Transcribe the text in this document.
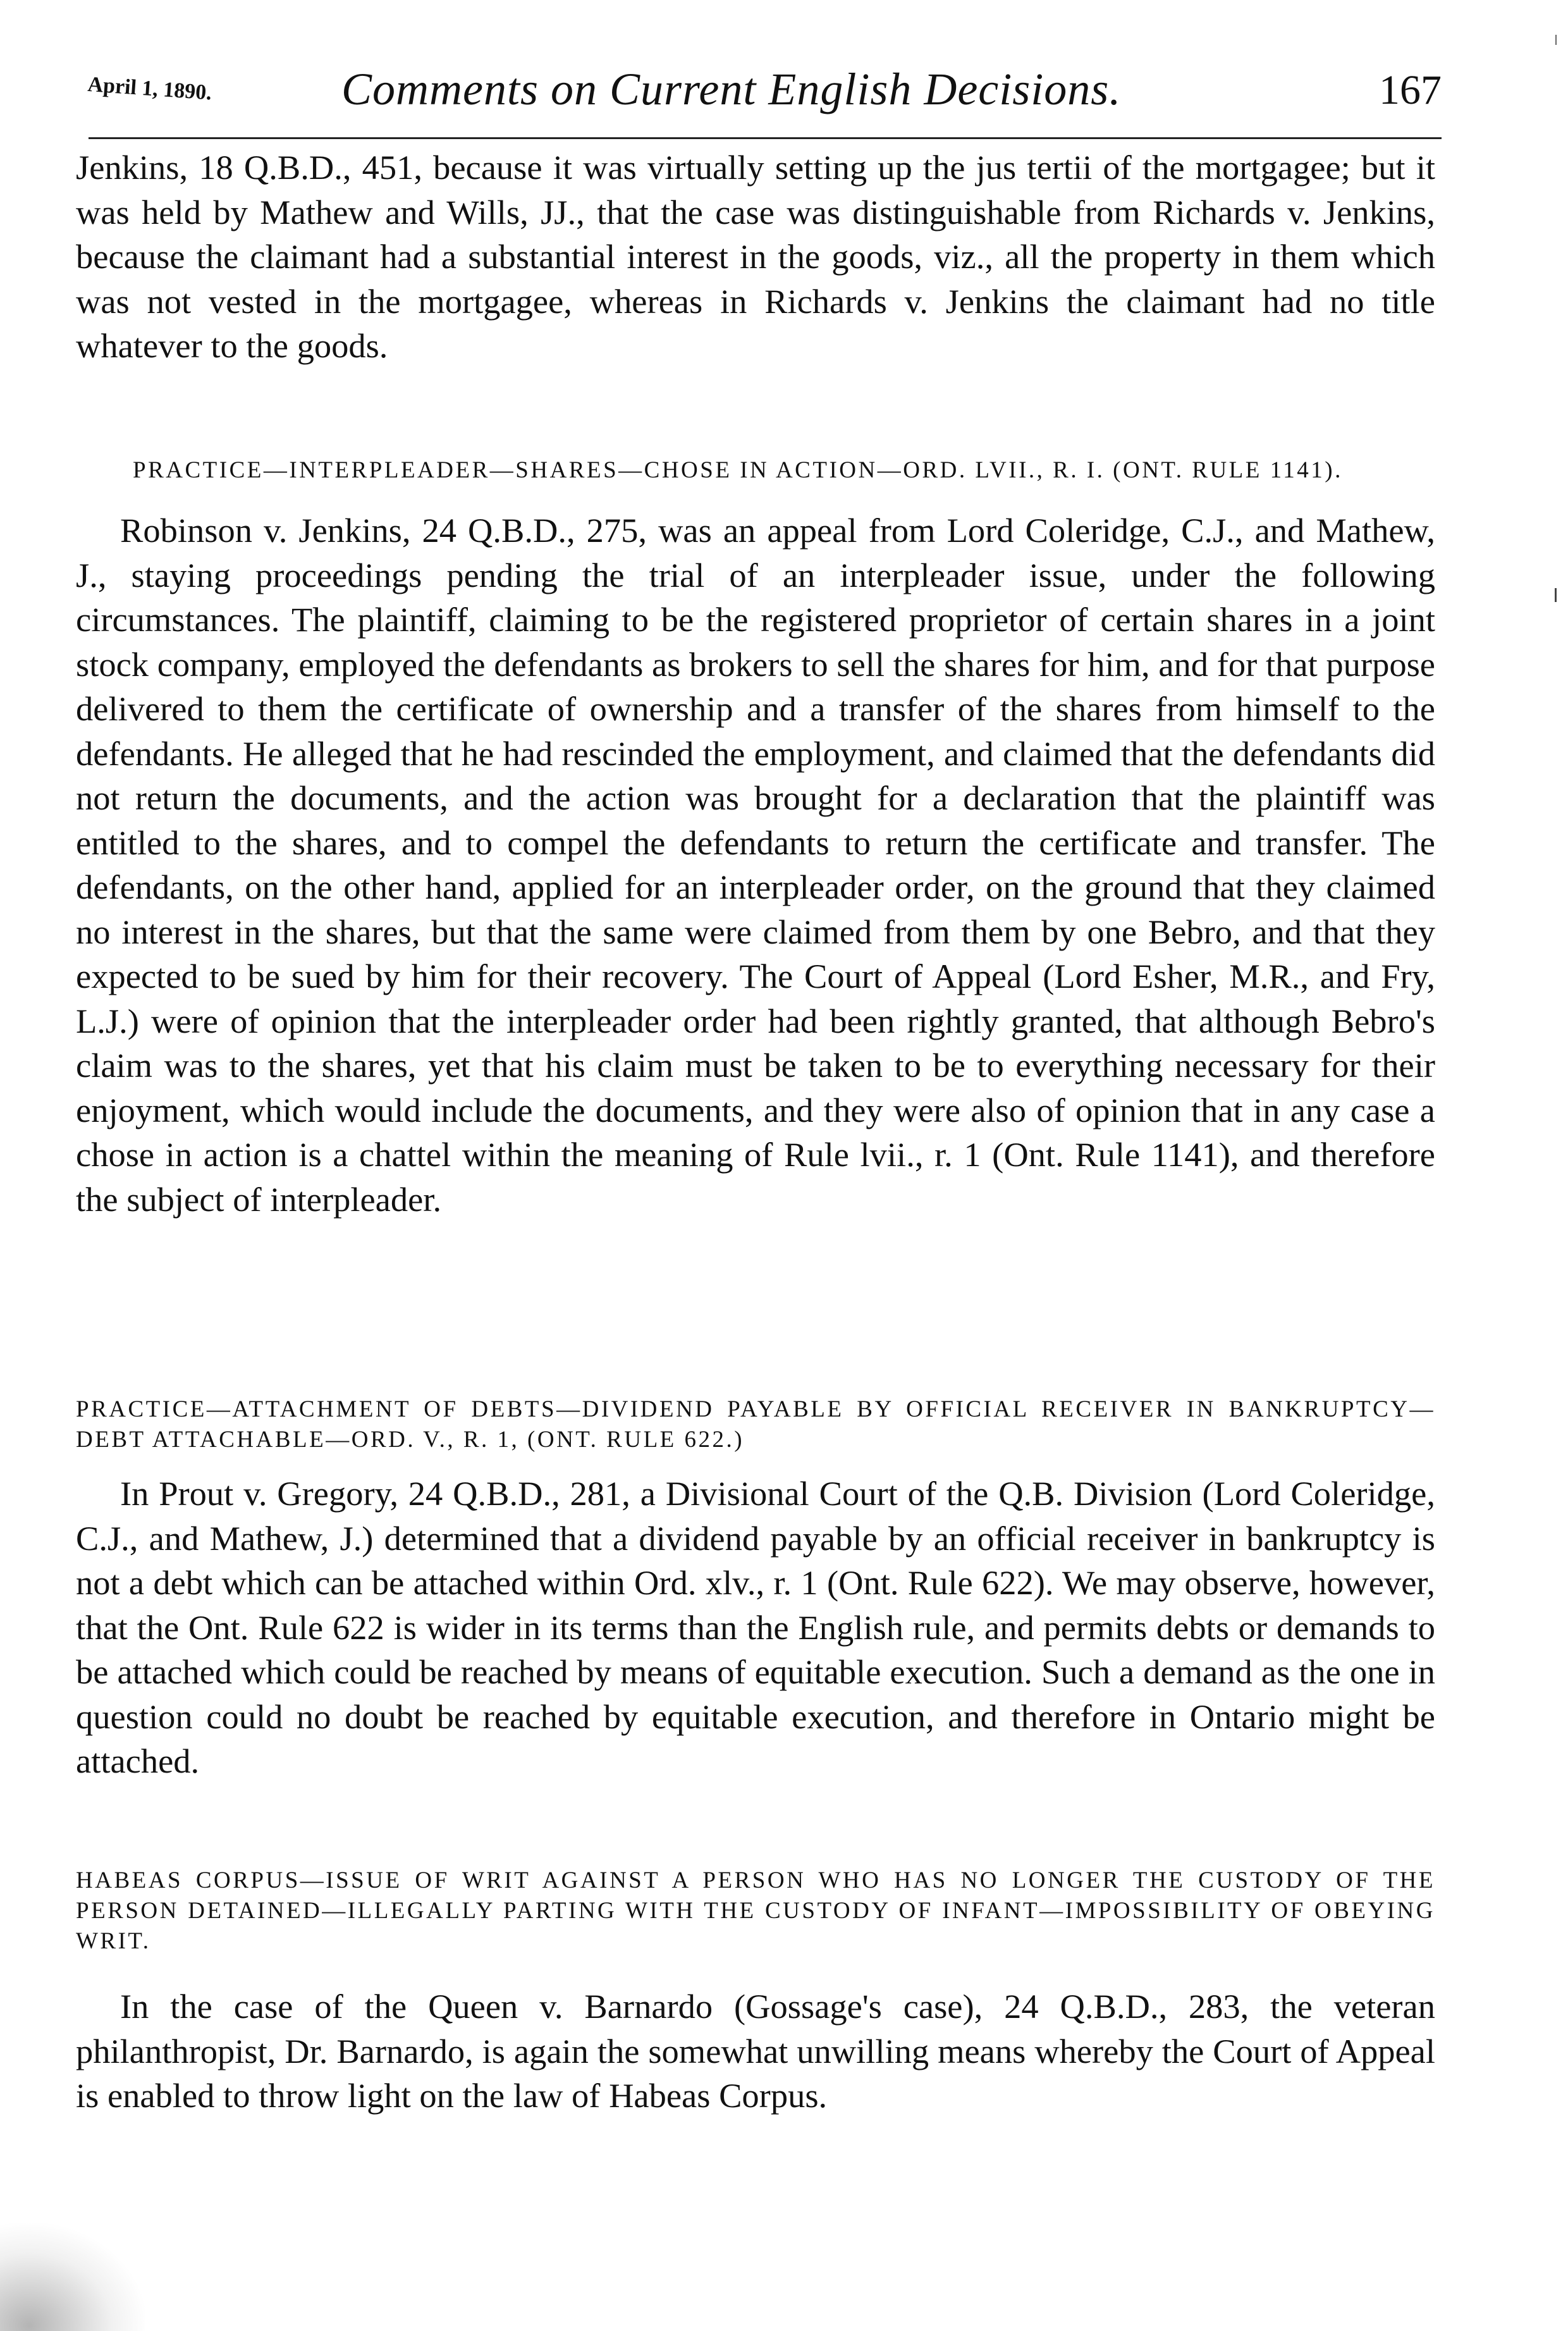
April 1, 1890.	Comments on Current English Decisions.	167

Jenkins, 18 Q.B.D., 451, because it was virtually setting up the jus tertii of the mortgagee; but it was held by Mathew and Wills, JJ., that the case was distinguishable from Richards v. Jenkins, because the claimant had a substantial interest in the goods, viz., all the property in them which was not vested in the mortgagee, whereas in Richards v. Jenkins the claimant had no title whatever to the goods.

PRACTICE—INTERPLEADER—SHARES—CHOSE IN ACTION—ORD. LVII., R. I. (ONT. RULE 1141).

Robinson v. Jenkins, 24 Q.B.D., 275, was an appeal from Lord Coleridge, C.J., and Mathew, J., staying proceedings pending the trial of an interpleader issue, under the following circumstances. The plaintiff, claiming to be the registered proprietor of certain shares in a joint stock company, employed the defendants as brokers to sell the shares for him, and for that purpose delivered to them the certificate of ownership and a transfer of the shares from himself to the defendants. He alleged that he had rescinded the employment, and claimed that the defendants did not return the documents, and the action was brought for a declaration that the plaintiff was entitled to the shares, and to compel the defendants to return the certificate and transfer. The defendants, on the other hand, applied for an interpleader order, on the ground that they claimed no interest in the shares, but that the same were claimed from them by one Bebro, and that they expected to be sued by him for their recovery. The Court of Appeal (Lord Esher, M.R., and Fry, L.J.) were of opinion that the interpleader order had been rightly granted, that although Bebro's claim was to the shares, yet that his claim must be taken to be to everything necessary for their enjoyment, which would include the documents, and they were also of opinion that in any case a chose in action is a chattel within the meaning of Rule lvii., r. 1 (Ont. Rule 1141), and therefore the subject of interpleader.

PRACTICE—ATTACHMENT OF DEBTS—DIVIDEND PAYABLE BY OFFICIAL RECEIVER IN BANKRUPTCY—DEBT ATTACHABLE—ORD. V., R. 1, (ONT. RULE 622.)

In Prout v. Gregory, 24 Q.B.D., 281, a Divisional Court of the Q.B. Division (Lord Coleridge, C.J., and Mathew, J.) determined that a dividend payable by an official receiver in bankruptcy is not a debt which can be attached within Ord. xlv., r. 1 (Ont. Rule 622). We may observe, however, that the Ont. Rule 622 is wider in its terms than the English rule, and permits debts or demands to be attached which could be reached by means of equitable execution. Such a demand as the one in question could no doubt be reached by equitable execution, and therefore in Ontario might be attached.

HABEAS CORPUS—ISSUE OF WRIT AGAINST A PERSON WHO HAS NO LONGER THE CUSTODY OF THE PERSON DETAINED—ILLEGALLY PARTING WITH THE CUSTODY OF INFANT—IMPOSSIBILITY OF OBEYING WRIT.

In the case of the Queen v. Barnardo (Gossage's case), 24 Q.B.D., 283, the veteran philanthropist, Dr. Barnardo, is again the somewhat unwilling means whereby the Court of Appeal is enabled to throw light on the law of Habeas Corpus.
